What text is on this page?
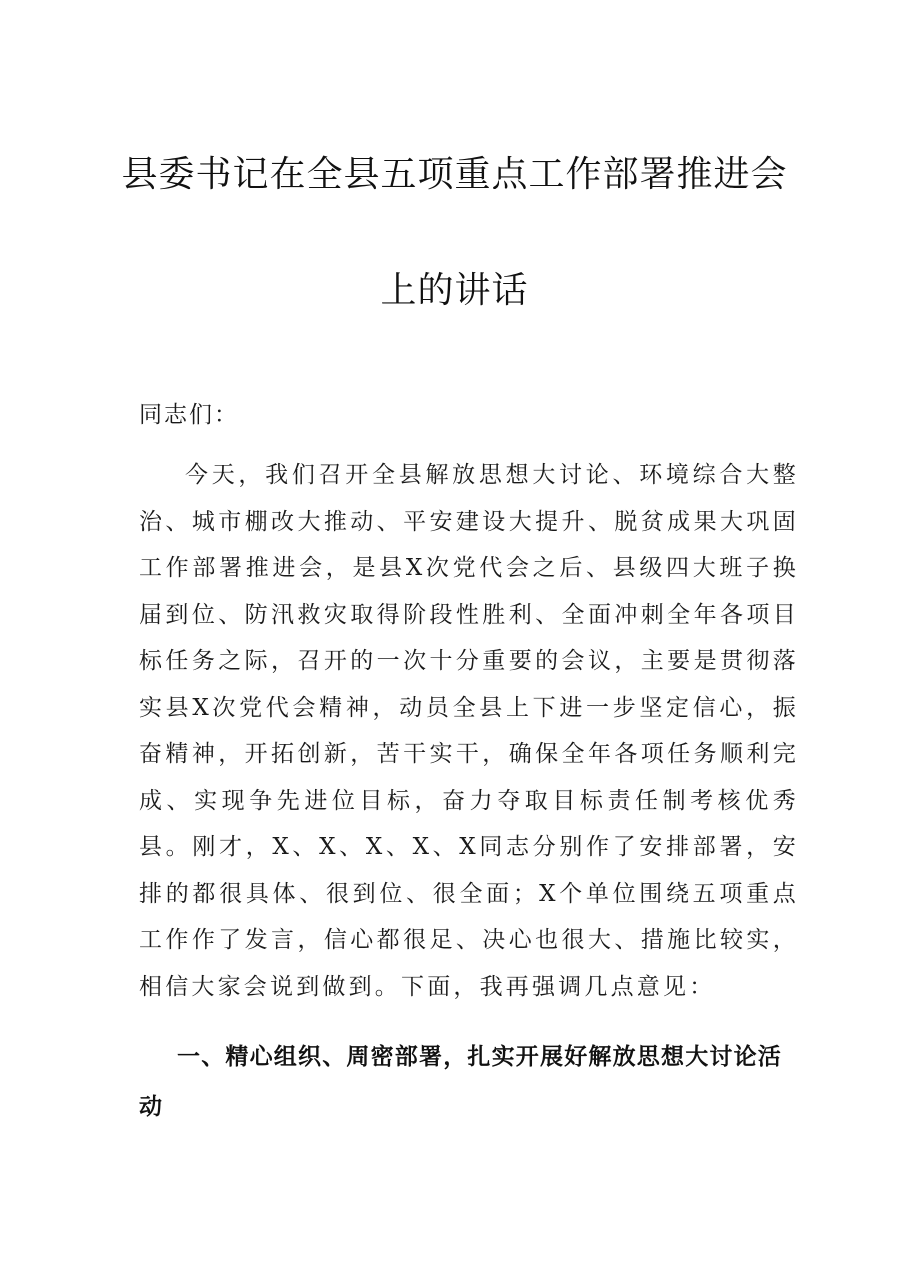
县委书记在全县五项重点工作部署推进会
上的讲话
同志们：

今天，我们召开全县解放思想大讨论、环境综合大整治、城市棚改大推动、平安建设大提升、脱贫成果大巩固工作部署推进会，是县X次党代会之后、县级四大班子换届到位、防汛救灾取得阶段性胜利、全面冲刺全年各项目标任务之际，召开的一次十分重要的会议，主要是贯彻落实县X次党代会精神，动员全县上下进一步坚定信心，振奋精神，开拓创新，苦干实干，确保全年各项任务顺利完成、实现争先进位目标，奋力夺取目标责任制考核优秀县。刚才，X、X、X、X、X同志分别作了安排部署，安排的都很具体、很到位、很全面；X个单位围绕五项重点工作作了发言，信心都很足、决心也很大、措施比较实，相信大家会说到做到。下面，我再强调几点意见：

一、精心组织、周密部署，扎实开展好解放思想大讨论活动
